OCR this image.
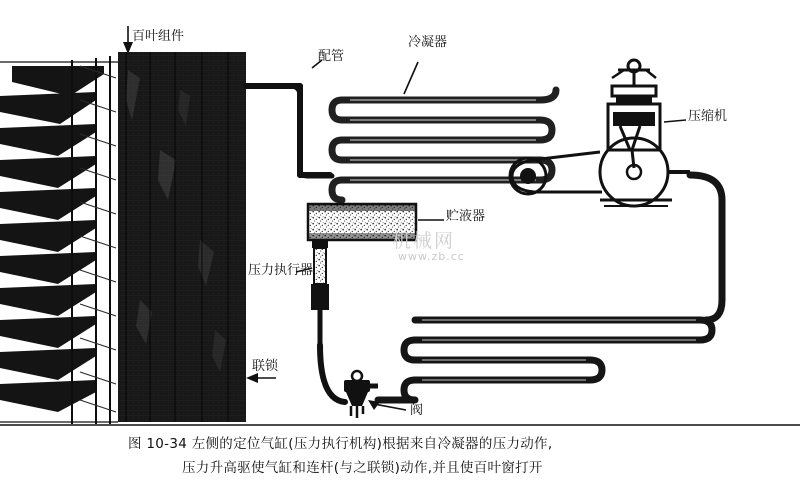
百叶组件
配管
冷凝器
压缩机
贮液器
压力执行器
联锁
阀
机械网
www.zb.cc
图 10-34 左侧的定位气缸(压力执行机构)根据来自冷凝器的压力动作,
压力升高驱使气缸和连杆(与之联锁)动作,并且使百叶窗打开
